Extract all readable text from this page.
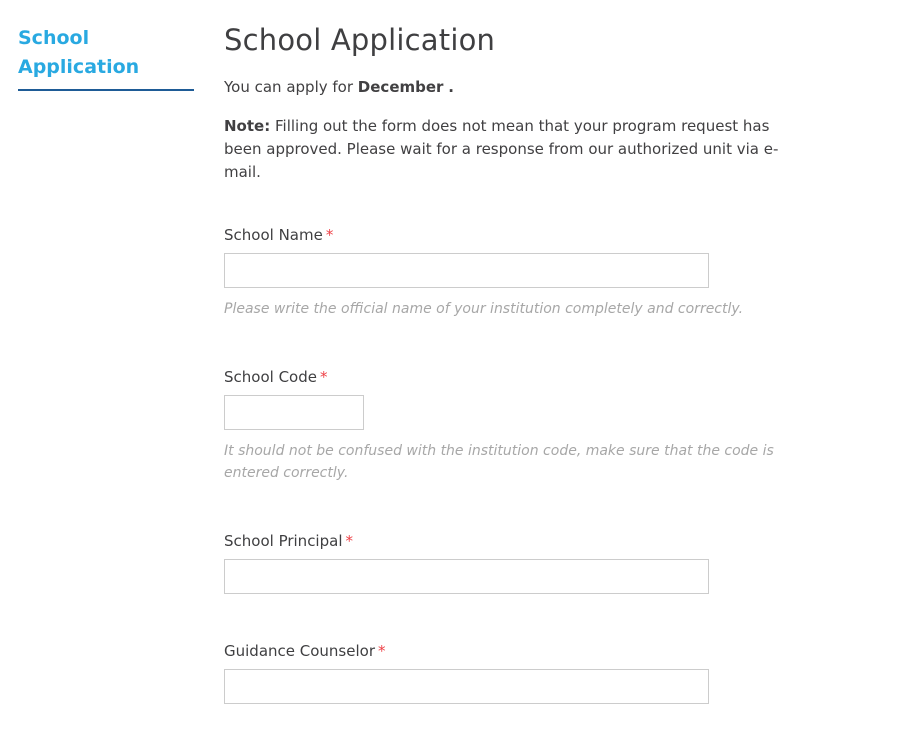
School Application
School Application

You can apply for December .

Note: Filling out the form does not mean that your program request has been approved. Please wait for a response from our authorized unit via e-mail.

School Name *
Please write the official name of your institution completely and correctly.
School Code *
It should not be confused with the institution code, make sure that the code is entered correctly.
School Principal *
Guidance Counselor *
